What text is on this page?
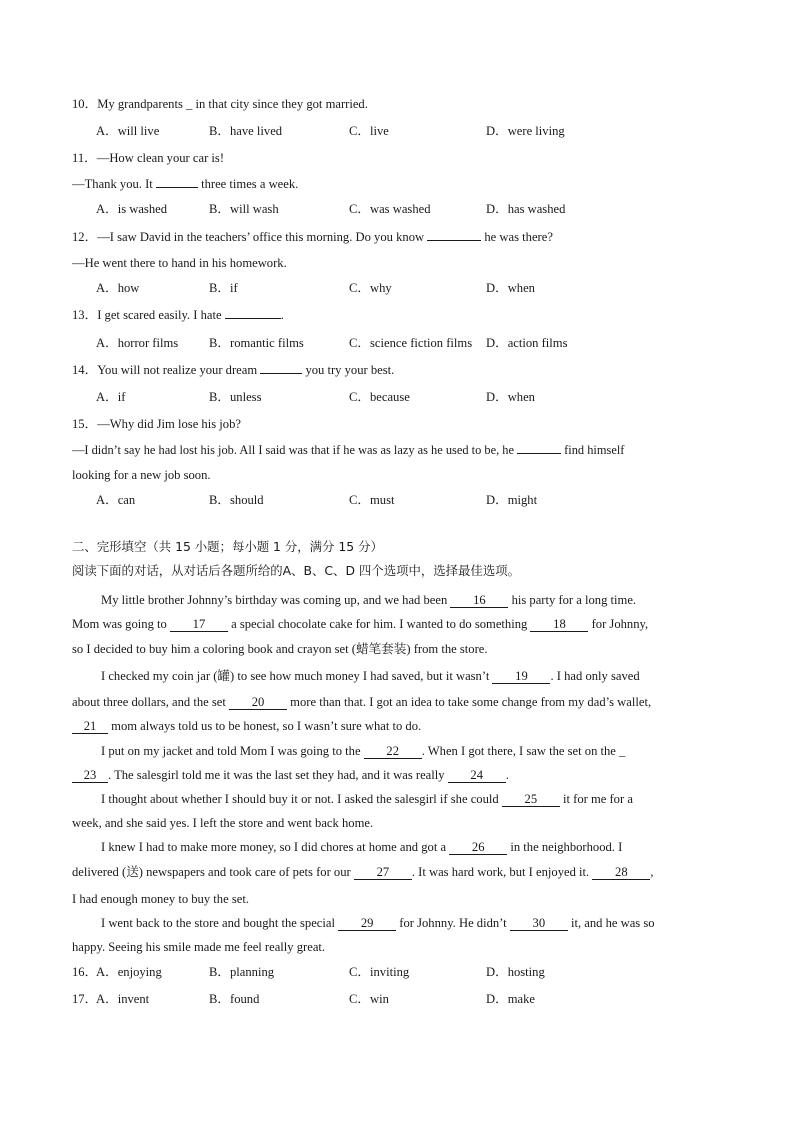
10．My grandparents _ in that city since they got married.
A．will live	B．have lived	C．live	D．were living
11．—How clean your car is!
—Thank you. It	three times a week.
A．is washed	B．will wash	C．was washed	D．has washed
12．—I saw David in the teachers’ office this morning. Do you know	he was there?
—He went there to hand in his homework.
A．how	B．if	C．why	D．when
13．I get scared easily. I hate	.
A．horror films B．romantic films	C．science fiction films D．action films
14．You will not realize your dream	you try your best.
A．if	B．unless	C．because	D．when
15．—Why did Jim lose his job?
—I didn’t say he had lost his job. All I said was that if he was as lazy as he used to be, he	find himself
looking for a new job soon.
A．can	B．should	C．must	D．might
二、完形填空（共 15 小题；每小题 1 分，满分 15 分）
阅读下面的对话，从对话后各题所给的A、B、C、D 四个选项中，选择最佳选项。
My little brother Johnny’s birthday was coming up, and we had been 16 his party for a long time.
Mom was going to 17 a special chocolate cake for him. I wanted to do something 18 for Johnny,
so I decided to buy him a coloring book and crayon set (蜡笔套装) from the store.
I checked my coin jar (罐) to see how much money I had saved, but it wasn’t 19 . I had only saved
about three dollars, and the set 20 more than that. I got an idea to take some change from my dad’s wallet,
21 mom always told us to be honest, so I wasn’t sure what to do.
I put on my jacket and told Mom I was going to the 22 . When I got there, I saw the set on the _
23 . The salesgirl told me it was the last set they had, and it was really 24 .
I thought about whether I should buy it or not. I asked the salesgirl if she could 25 it for me for a
week, and she said yes. I left the store and went back home.
I knew I had to make more money, so I did chores at home and got a 26 in the neighborhood. I
delivered (送) newspapers and took care of pets for our 27 . It was hard work, but I enjoyed it. 28 ,
I had enough money to buy the set.
I went back to the store and bought the special 29 for Johnny. He didn’t 30 it, and he was so
happy. Seeing his smile made me feel really great.
16．
A．enjoying	B．planning	C．inviting	D．hosting
17．
A．invent	B．found	C．win	D．make
